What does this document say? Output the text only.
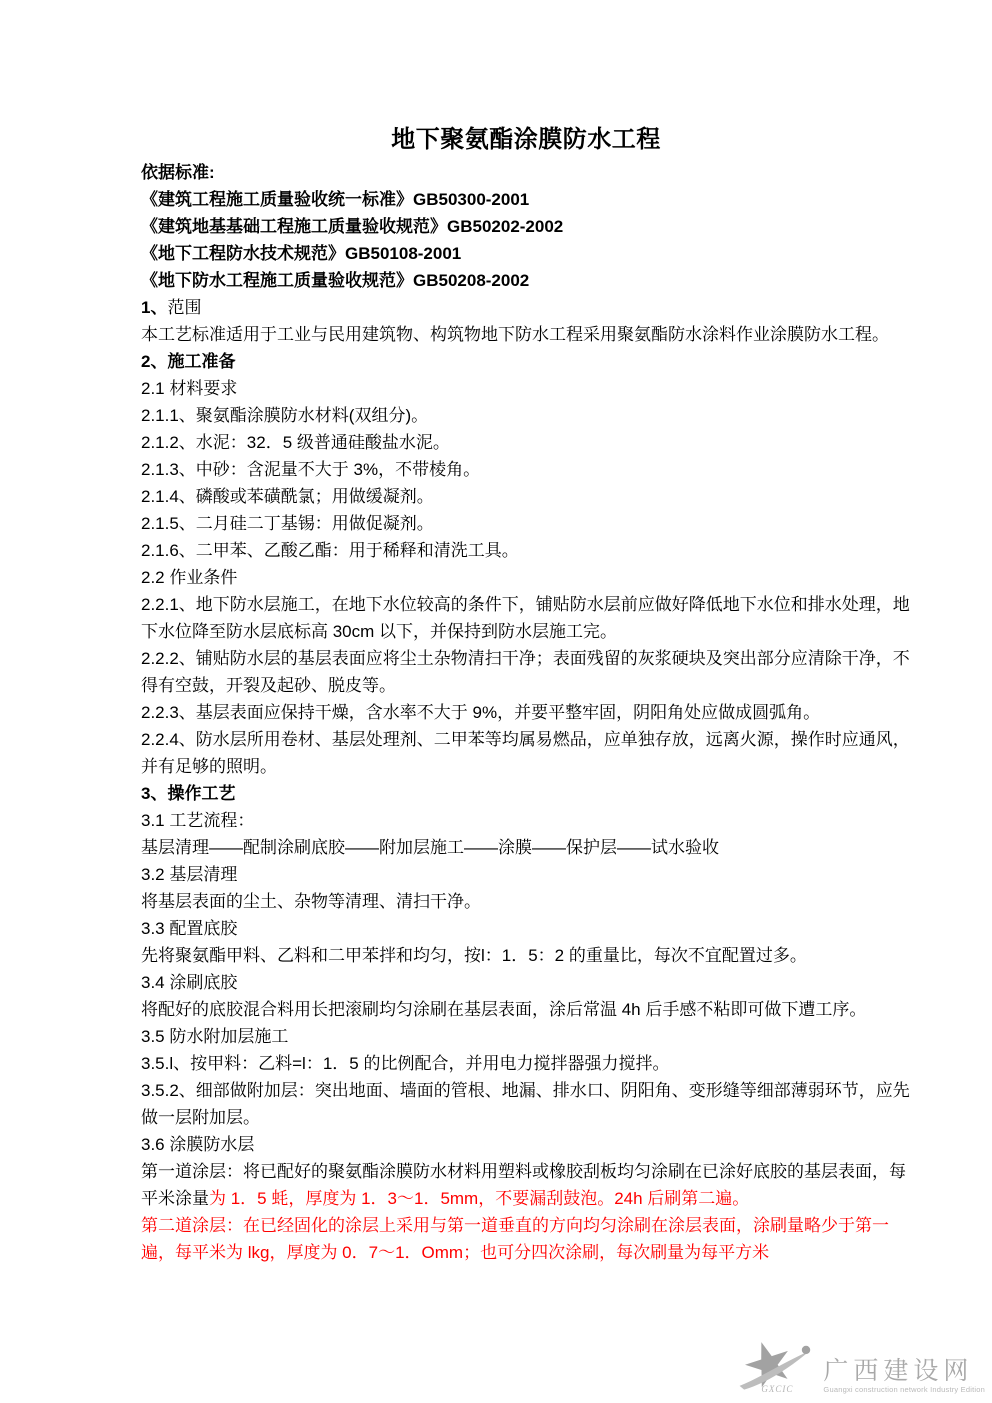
地下聚氨酯涂膜防水工程

依据标准:

《建筑工程施工质量验收统一标准》GB50300-2001

《建筑地基基础工程施工质量验收规范》GB50202-2002

《地下工程防水技术规范》GB50108-2001

《地下防水工程施工质量验收规范》GB50208-2002

1、范围

本工艺标准适用于工业与民用建筑物、构筑物地下防水工程采用聚氨酯防水涂料作业涂膜防水工程。

2、施工准备

2.1 材料要求

2.1.1、聚氨酯涂膜防水材料(双组分)。

2.1.2、水泥：32．5 级普通硅酸盐水泥。

2.1.3、中砂：含泥量不大于 3%，不带棱角。

2.1.4、磷酸或苯磺酰氯；用做缓凝剂。

2.1.5、二月硅二丁基锡：用做促凝剂。

2.1.6、二甲苯、乙酸乙酯：用于稀释和清洗工具。

2.2 作业条件

2.2.1、地下防水层施工，在地下水位较高的条件下，铺贴防水层前应做好降低地下水位和排水处理，地下水位降至防水层底标高 30cm 以下，并保持到防水层施工完。

2.2.2、铺贴防水层的基层表面应将尘土杂物清扫干净；表面残留的灰浆硬块及突出部分应清除干净，不得有空鼓，开裂及起砂、脱皮等。

2.2.3、基层表面应保持干燥，含水率不大于 9%，并要平整牢固，阴阳角处应做成圆弧角。

2.2.4、防水层所用卷材、基层处理剂、二甲苯等均属易燃品，应单独存放，远离火源，操作时应通风，并有足够的照明。

3、操作工艺

3.1 工艺流程：

基层清理——配制涂刷底胶——附加层施工——涂膜——保护层——试水验收

3.2 基层清理

将基层表面的尘土、杂物等清理、清扫干净。

3.3 配置底胶

先将聚氨酯甲料、乙料和二甲苯拌和均匀，按l：1．5：2 的重量比，每次不宜配置过多。

3.4 涂刷底胶

将配好的底胶混合料用长把滚刷均匀涂刷在基层表面，涂后常温 4h 后手感不粘即可做下遭工序。

3.5 防水附加层施工

3.5.l、按甲料：乙料=l：1．5 的比例配合，并用电力搅拌器强力搅拌。

3.5.2、细部做附加层：突出地面、墙面的管根、地漏、排水口、阴阳角、变形缝等细部薄弱环节，应先做一层附加层。

3.6 涂膜防水层

第一道涂层：将已配好的聚氨酯涂膜防水材料用塑料或橡胶刮板均匀涂刷在已涂好底胶的基层表面，每平米涂量为 1．5 蚝，厚度为 1．3～1．5mm，不要漏刮鼓泡。24h 后刷第二遍。

第二道涂层：在已经固化的涂层上采用与第一道垂直的方向均匀涂刷在涂层表面，涂刷量略少于第一遍，每平米为 lkg，厚度为 0．7～1．Omm；也可分四次涂刷，每次刷量为每平方米

GXCIC
广西建设网
Guangxi construction network Industry Edition
